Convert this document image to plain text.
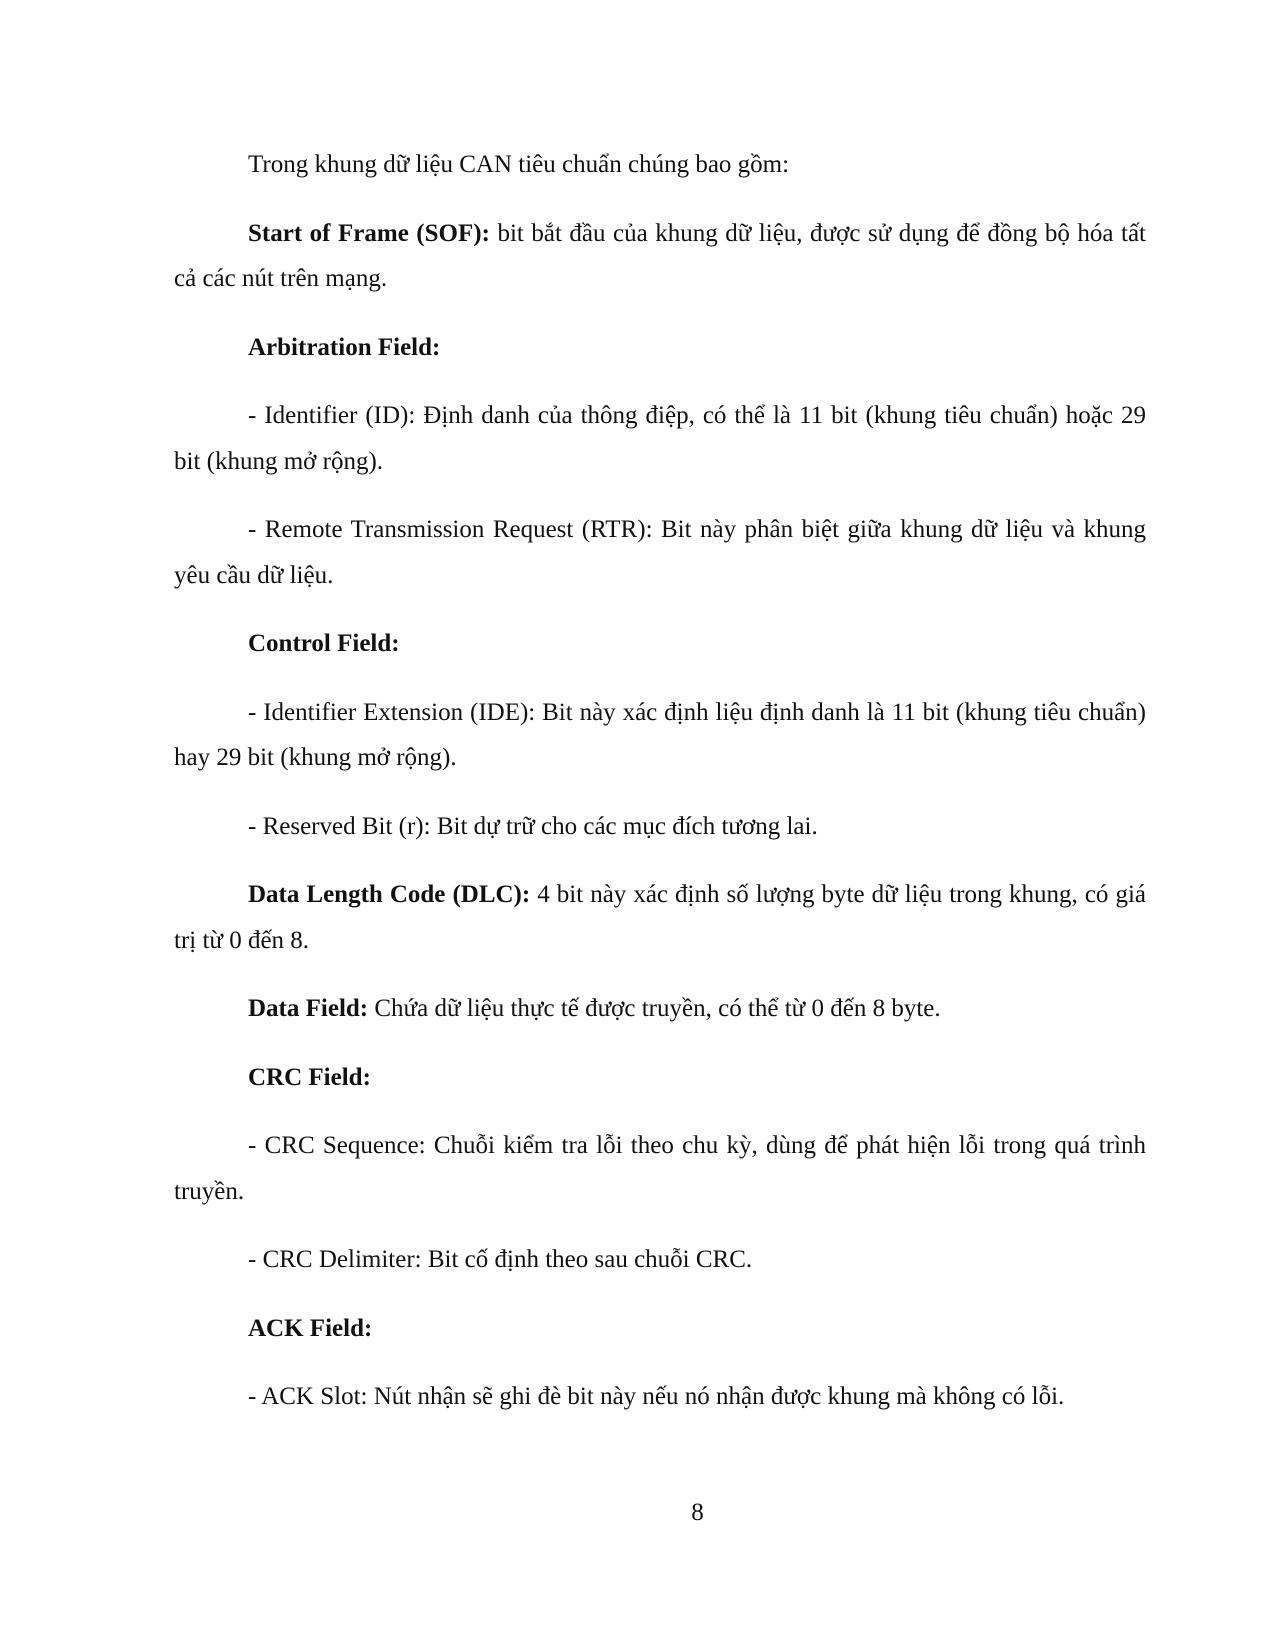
Trong khung dữ liệu CAN tiêu chuẩn chúng bao gồm:

Start of Frame (SOF): bit bắt đầu của khung dữ liệu, được sử dụng để đồng bộ hóa tất cả các nút trên mạng.

Arbitration Field:

- Identifier (ID): Định danh của thông điệp, có thể là 11 bit (khung tiêu chuẩn) hoặc 29 bit (khung mở rộng).

- Remote Transmission Request (RTR): Bit này phân biệt giữa khung dữ liệu và khung yêu cầu dữ liệu.

Control Field:

- Identifier Extension (IDE): Bit này xác định liệu định danh là 11 bit (khung tiêu chuẩn) hay 29 bit (khung mở rộng).

- Reserved Bit (r): Bit dự trữ cho các mục đích tương lai.

Data Length Code (DLC): 4 bit này xác định số lượng byte dữ liệu trong khung, có giá trị từ 0 đến 8.

Data Field: Chứa dữ liệu thực tế được truyền, có thể từ 0 đến 8 byte.

CRC Field:

- CRC Sequence: Chuỗi kiểm tra lỗi theo chu kỳ, dùng để phát hiện lỗi trong quá trình truyền.

- CRC Delimiter: Bit cố định theo sau chuỗi CRC.

ACK Field:

- ACK Slot: Nút nhận sẽ ghi đè bit này nếu nó nhận được khung mà không có lỗi.

8
